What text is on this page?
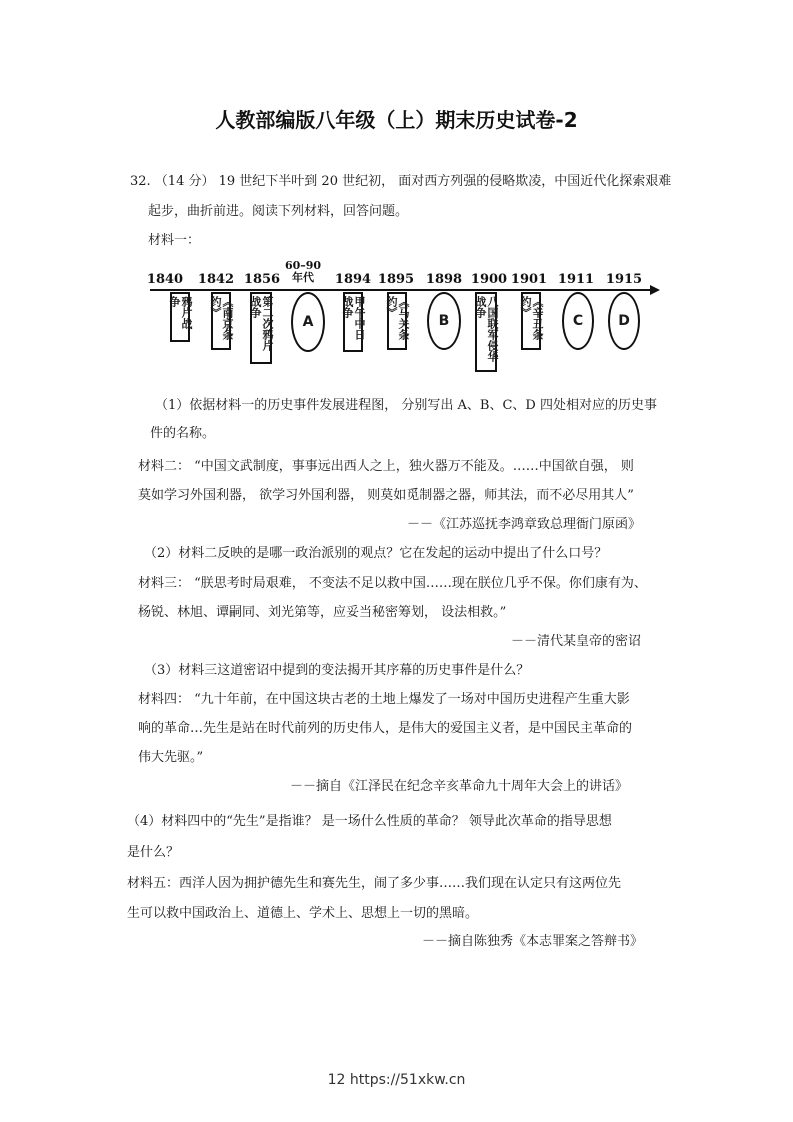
人教部编版八年级（上）期末历史试卷-2
32. （14 分） 19 世纪下半叶到 20 世纪初， 面对西方列强的侵略欺凌，中国近代化探索艰难
起步，曲折前进。阅读下列材料，回答问题。
材料一：
1840 1842 1856
60–90
年代	1894 1895 1898 1900 1901 1911 1915
鸦片战争	《南京条约》	第二次鸦片战争
A	甲午中日战争	《马关条约》
B	八国联军侵华战争	《辛丑条约》
C	D
（1）依据材料一的历史事件发展进程图， 分别写出 A、B、C、D 四处相对应的历史事
件的名称。
材料二： “中国文武制度，事事远出西人之上，独火器万不能及。……中国欲自强， 则
莫如学习外国利器， 欲学习外国利器， 则莫如觅制器之器，师其法，而不必尽用其人”
－－《江苏巡抚李鸿章致总理衙门原函》
（2）材料二反映的是哪一政治派别的观点？它在发起的运动中提出了什么口号？
材料三： “朕思考时局艰难， 不变法不足以救中国……现在朕位几乎不保。你们康有为、
杨锐、林旭、谭嗣同、刘光第等，应妥当秘密筹划， 设法相救。”
－－清代某皇帝的密诏
（3）材料三这道密诏中提到的变法揭开其序幕的历史事件是什么？
材料四： “九十年前，在中国这块古老的土地上爆发了一场对中国历史进程产生重大影
响的革命…先生是站在时代前列的历史伟人，是伟大的爱国主义者，是中国民主革命的
伟大先驱。”
－－摘自《江泽民在纪念辛亥革命九十周年大会上的讲话》
（4）材料四中的“先生”是指谁？ 是一场什么性质的革命？ 领导此次革命的指导思想
是什么？
材料五：西洋人因为拥护德先生和赛先生，闹了多少事……我们现在认定只有这两位先
生可以救中国政治上、道德上、学术上、思想上一切的黑暗。
－－摘自陈独秀《本志罪案之答辩书》
12 https://51xkw.cn
